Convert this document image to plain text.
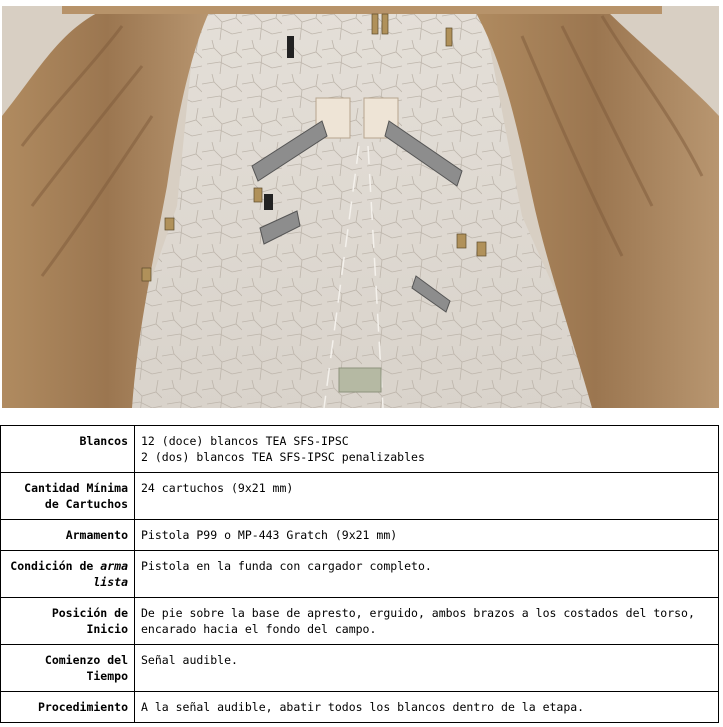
Blancos	12 (doce) blancos TEA SFS-IPSC
2 (dos) blancos TEA SFS-IPSC penalizables
Cantidad Mínima de Cartuchos	24 cartuchos (9x21 mm)
Armamento	Pistola P99 o MP-443 Gratch (9x21 mm)
Condición de arma lista	Pistola en la funda con cargador completo.
Posición de Inicio	De pie sobre la base de apresto, erguido, ambos brazos a los costados del torso, encarado hacia el fondo del campo.
Comienzo del Tiempo	Señal audible.
Procedimiento	A la señal audible, abatir todos los blancos dentro de la etapa.
